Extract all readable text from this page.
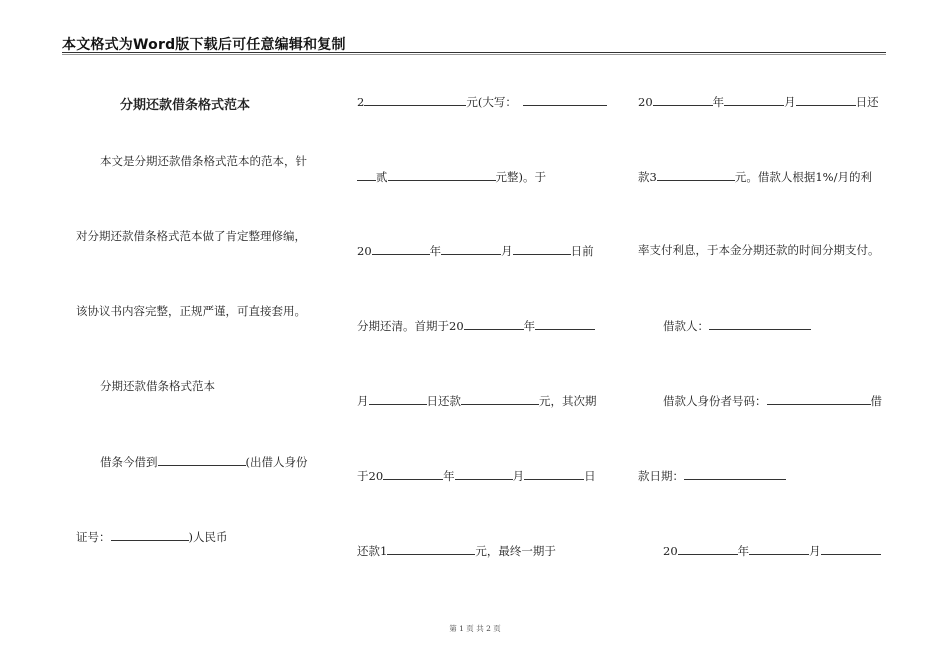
本文格式为Word版下载后可任意编辑和复制
分期还款借条格式范本
本文是分期还款借条格式范本的范本，针
对分期还款借条格式范本做了肯定整理修编，
该协议书内容完整，正规严谨，可直接套用。
分期还款借条格式范本
借条今借到	(出借人身份
证号：	)人民币
2	元(大写：
贰	元整)。于
20	年	月	日前
分期还清。首期于20	年
月	日还款	元，其次期
于20	年	月	日
还款1	元，最终一期于
20	年	月	日还
款3	元。借款人根据1%/月的利
率支付利息，于本金分期还款的时间分期支付。
借款人：
借款人身份者号码：	借
款日期：
20	年	月
第 1 页 共 2 页
